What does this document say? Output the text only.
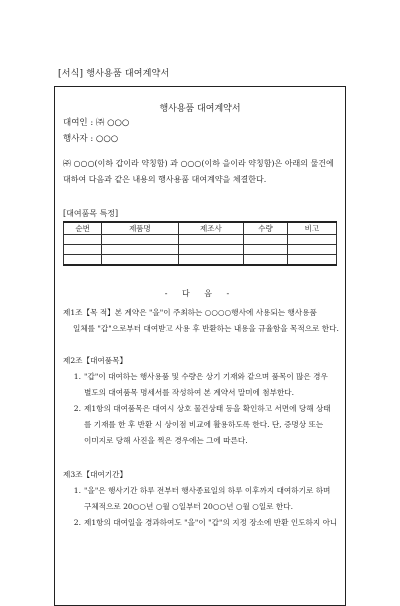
[서식] 행사용품 대여계약서
행사용품 대여계약서
대여인 : ㈜ ○○○
행사자 : ○○○
㈜ ○○○(이하 갑이라 약칭함) 과 ○○○(이하 을이라 약칭함)은 아래의 물건에
대하여 다음과 같은 내용의 행사용품 대여계약을 체결한다.
[대여품목 특정]
순번	제품명	제조사	수량	비고

- 다 음 -
제1조【목 적】본 계약은 "을"이 주최하는 ○○○○행사에 사용되는 행사용품
일체를 "갑"으로부터 대여받고 사용 후 반환하는 내용을 규율함을 목적으로 한다.
제2조【대여품목】
1. "갑"이 대여하는 행사용품 및 수량은 상기 기재와 같으며 품목이 많은 경우
별도의 대여품목 명세서를 작성하여 본 계약서 말미에 첨부한다.
2. 제1항의 대여품목은 대여시 상호 물건상태 등을 확인하고 서면에 당해 상태
를 기재를 한 후 반환 시 상이점 비교에 활용하도록 한다. 단, 증명상 또는
이미지로 당해 사진을 찍은 경우에는 그에 따른다.
제3조【대여기간】
1. "을"은 행사기간 하루 전부터 행사종료일의 하루 이후까지 대여하기로 하며
구체적으로 20○○년 ○월 ○일부터 20○○년 ○월 ○일로 한다.
2. 제1항의 대여일을 경과하여도 "을"이 "갑"의 지정 장소에 반환 인도하지 아니
